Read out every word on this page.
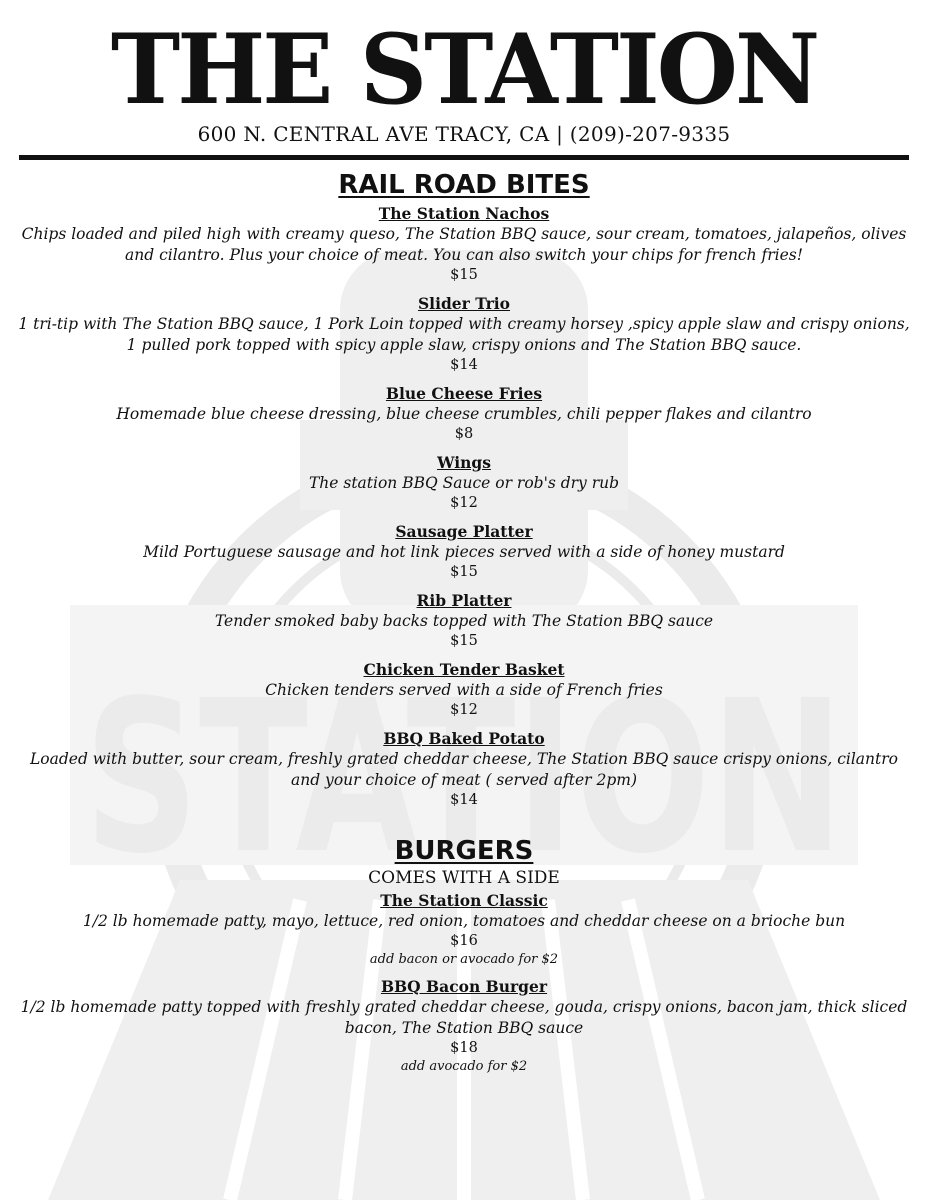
STATION
THE STATION
600 N. CENTRAL AVE TRACY, CA | (209)-207-9335
RAIL ROAD BITES
The Station Nachos
Chips loaded and piled high with creamy queso, The Station BBQ sauce, sour cream, tomatoes, jalapeños, olives and cilantro. Plus your choice of meat. You can also switch your chips for french fries!
$15
Slider Trio
1 tri-tip with The Station BBQ sauce, 1 Pork Loin topped with creamy horsey ,spicy apple slaw and crispy onions, 1 pulled pork topped with spicy apple slaw, crispy onions and The Station BBQ sauce.
$14
Blue Cheese Fries
Homemade blue cheese dressing, blue cheese crumbles, chili pepper flakes and cilantro
$8
Wings
The station BBQ Sauce or rob's dry rub
$12
Sausage Platter
Mild Portuguese sausage and hot link pieces served with a side of honey mustard
$15
Rib Platter
Tender smoked baby backs topped with The Station BBQ sauce
$15
Chicken Tender Basket
Chicken tenders served with a side of French fries
$12
BBQ Baked Potato
Loaded with butter, sour cream, freshly grated cheddar cheese, The Station BBQ sauce crispy onions, cilantro and your choice of meat ( served after 2pm)
$14
BURGERS
COMES WITH A SIDE
The Station Classic
1/2 lb homemade patty, mayo, lettuce, red onion, tomatoes and cheddar cheese on a brioche bun
$16
add bacon or avocado for $2
BBQ Bacon Burger
1/2 lb homemade patty topped with freshly grated cheddar cheese, gouda, crispy onions, bacon jam, thick sliced bacon, The Station BBQ sauce
$18
add avocado for $2
